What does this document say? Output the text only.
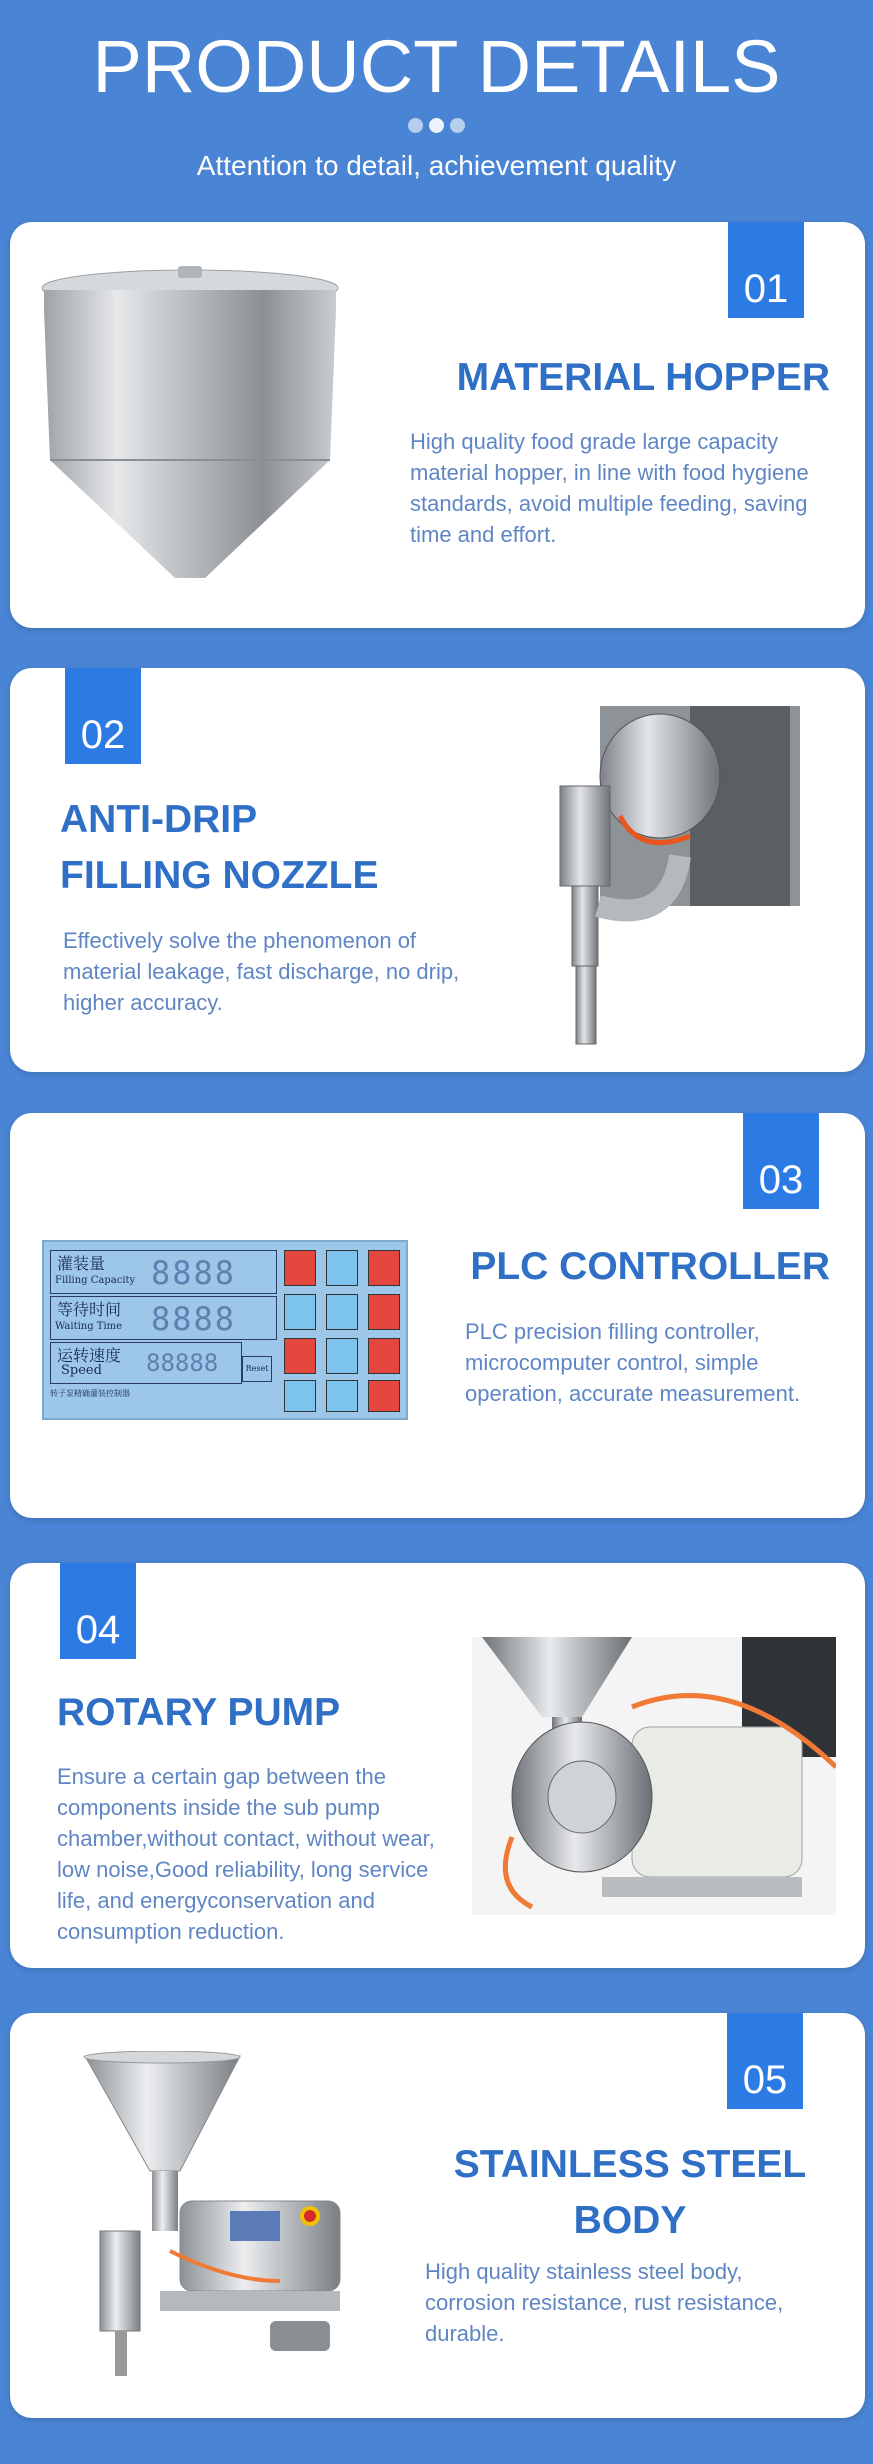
PRODUCT DETAILS
Attention to detail, achievement quality
01
MATERIAL HOPPER
High quality food grade large capacity material hopper, in line with food hygiene standards, avoid multiple feeding, saving time and effort.
02
ANTI-DRIP
FILLING NOZZLE
Effectively solve the phenomenon of material leakage, fast discharge, no drip, higher accuracy.
03
灌装量
Filling Capacity 8888
等待时间
Waiting Time 8888
运转速度
Speed 88888	Reset
转子泵精确灌装控制器
PLC CONTROLLER
PLC precision filling controller, microcomputer control, simple operation, accurate measurement.
04
ROTARY PUMP
Ensure a certain gap between the components inside the sub pump chamber,without contact, without wear, low noise,Good reliability, long service life, and energyconservation and consumption reduction.
05
STAINLESS STEEL
BODY
High quality stainless steel body, corrosion resistance, rust resistance, durable.
